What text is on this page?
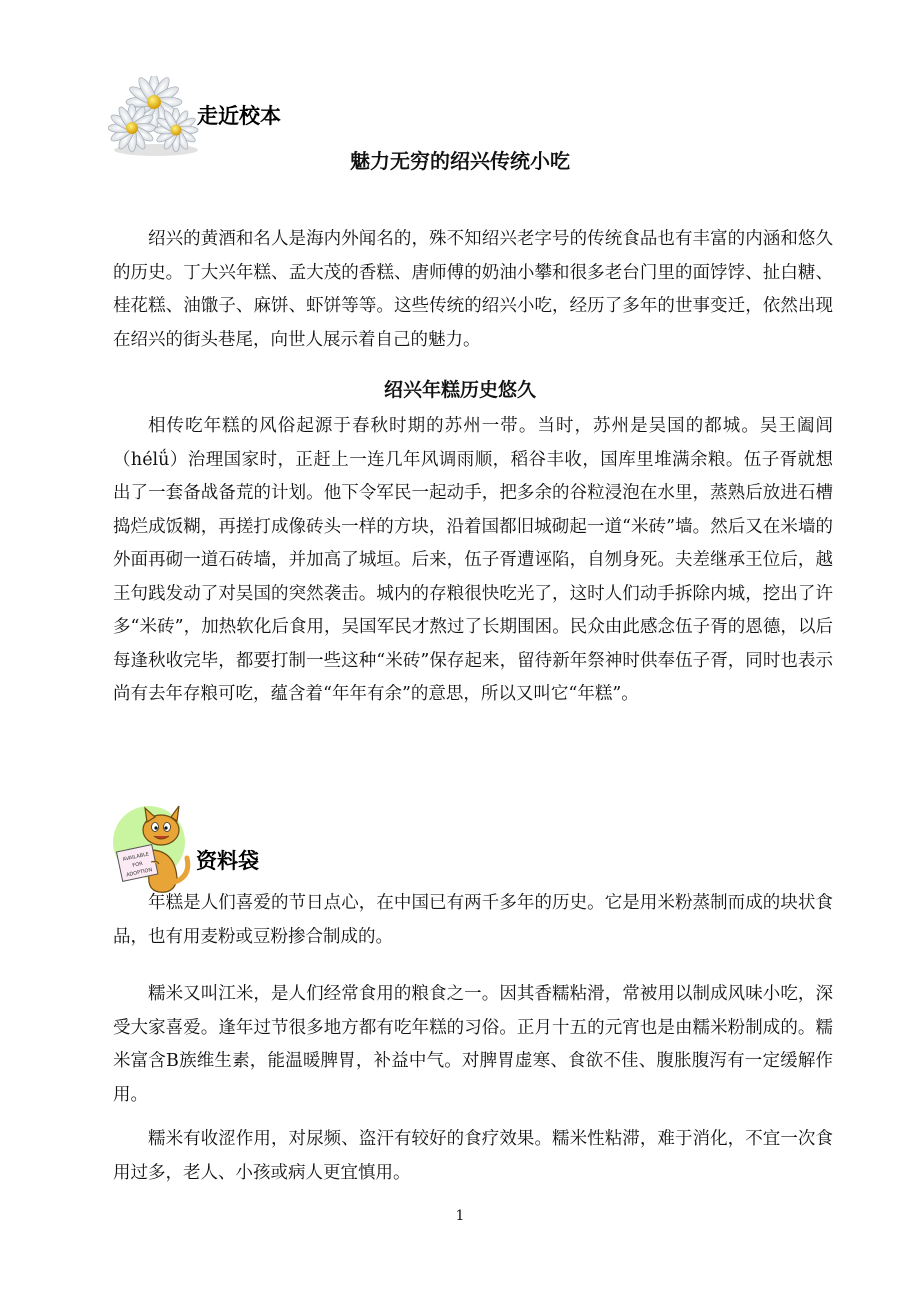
走近校本
魅力无穷的绍兴传统小吃

绍兴的黄酒和名人是海内外闻名的，殊不知绍兴老字号的传统食品也有丰富的内涵和悠久的历史。丁大兴年糕、孟大茂的香糕、唐师傅的奶油小攀和很多老台门里的面饽饽、扯白糖、桂花糕、油馓子、麻饼、虾饼等等。这些传统的绍兴小吃，经历了多年的世事变迁，依然出现在绍兴的街头巷尾，向世人展示着自己的魅力。

绍兴年糕历史悠久

相传吃年糕的风俗起源于春秋时期的苏州一带。当时，苏州是吴国的都城。吴王阖闾（hélǘ）治理国家时，正赶上一连几年风调雨顺，稻谷丰收，国库里堆满余粮。伍子胥就想出了一套备战备荒的计划。他下令军民一起动手，把多余的谷粒浸泡在水里，蒸熟后放进石槽捣烂成饭糊，再搓打成像砖头一样的方块，沿着国都旧城砌起一道“米砖”墙。然后又在米墙的外面再砌一道石砖墙，并加高了城垣。后来，伍子胥遭诬陷，自刎身死。夫差继承王位后，越王句践发动了对吴国的突然袭击。城内的存粮很快吃光了，这时人们动手拆除内城，挖出了许多“米砖”，加热软化后食用，吴国军民才熬过了长期围困。民众由此感念伍子胥的恩德，以后每逢秋收完毕，都要打制一些这种“米砖”保存起来，留待新年祭神时供奉伍子胥，同时也表示尚有去年存粮可吃，蕴含着“年年有余”的意思，所以又叫它“年糕”。

AVAILABLE
FOR
ADOPTION 资料袋

年糕是人们喜爱的节日点心，在中国已有两千多年的历史。它是用米粉蒸制而成的块状食品，也有用麦粉或豆粉掺合制成的。

糯米又叫江米，是人们经常食用的粮食之一。因其香糯粘滑，常被用以制成风味小吃，深受大家喜爱。逢年过节很多地方都有吃年糕的习俗。正月十五的元宵也是由糯米粉制成的。糯米富含B族维生素，能温暖脾胃，补益中气。对脾胃虚寒、食欲不佳、腹胀腹泻有一定缓解作用。

糯米有收涩作用，对尿频、盗汗有较好的食疗效果。糯米性粘滞，难于消化，不宜一次食用过多，老人、小孩或病人更宜慎用。

1
